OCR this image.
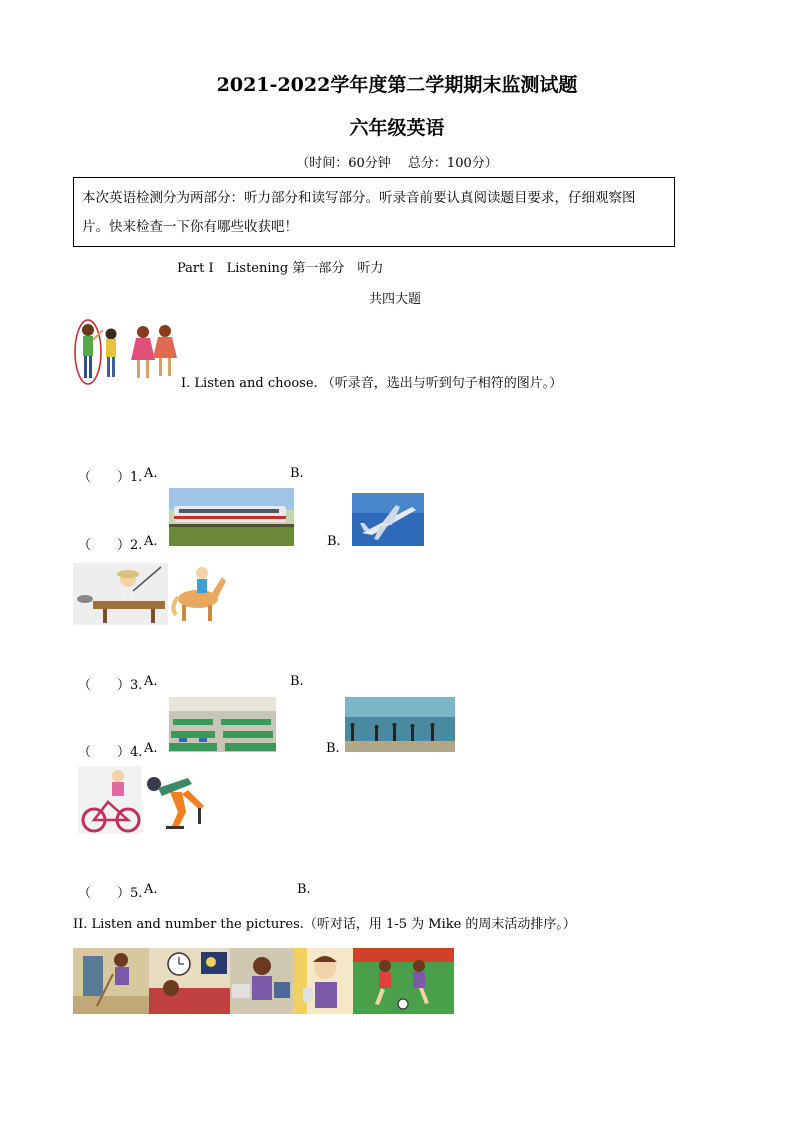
2021-2022学年度第二学期期末监测试题
六年级英语
（时间：60分钟　 总分：100分）
本次英语检测分为两部分：听力部分和读写部分。听录音前要认真阅读题目要求，仔细观察图
片。快来检查一下你有哪些收获吧！
Part I　Listening 第一部分　听力
共四大题
I. Listen and choose. （听录音，选出与听到句子相符的图片。）
（　　）1. A.	B.
（　　）2. A.	B.
（　　）3. A.	B.
（　　）4. A.	B.
（　　）5. A.	B.
II. Listen and number the pictures.（听对话，用 1-5 为 Mike 的周末活动排序。）
